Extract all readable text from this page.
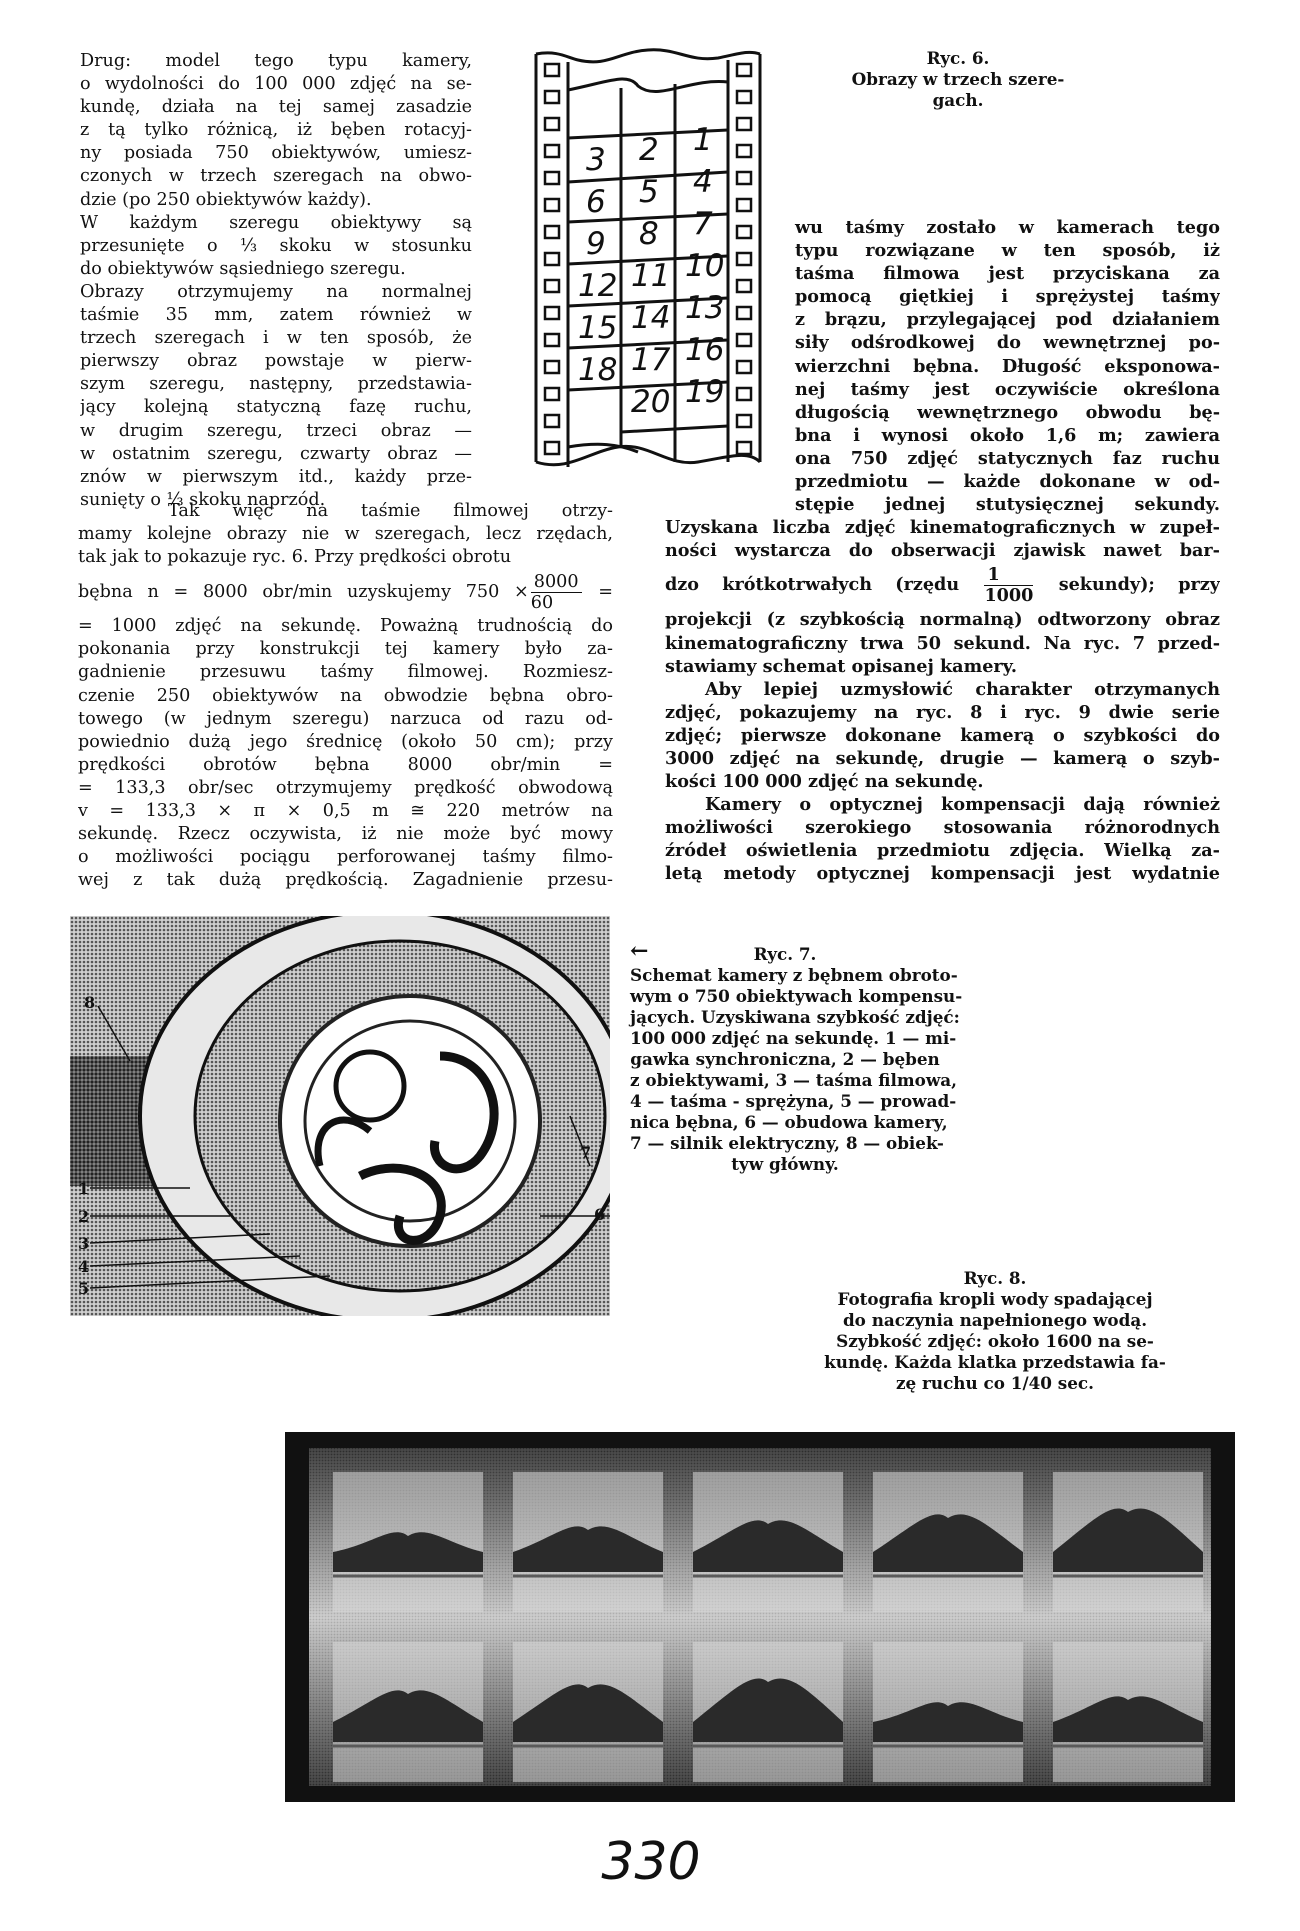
Drug: model tego typu kamery,
o wydolności do 100 000 zdjęć na se-
kundę, działa na tej samej zasadzie
z tą tylko różnicą, iż bęben rotacyj-
ny posiada 750 obiektywów, umiesz-
czonych w trzech szeregach na obwo-
dzie (po 250 obiektywów każdy).
W każdym szeregu obiektywy są
przesunięte o ⅓ skoku w stosunku
do obiektywów sąsiedniego szeregu.
Obrazy otrzymujemy na normalnej
taśmie 35 mm, zatem również w
trzech szeregach i w ten sposób, że
pierwszy obraz powstaje w pierw-
szym szeregu, następny, przedstawia-
jący kolejną statyczną fazę ruchu,
w drugim szeregu, trzeci obraz —
w ostatnim szeregu, czwarty obraz —
znów w pierwszym itd., każdy prze-
sunięty o ⅓ skoku naprzód.
3 2 1
6 5 4
9 8 7
12 11 10
15 14 13
18 17 16
20 19
Ryc. 6.
Obrazy w trzech szere-
gach.
wu taśmy zostało w kamerach tego
typu rozwiązane w ten sposób, iż
taśma filmowa jest przyciskana za
pomocą giętkiej i sprężystej taśmy
z brązu, przylegającej pod działaniem
siły odśrodkowej do wewnętrznej po-
wierzchni bębna. Długość eksponowa-
nej taśmy jest oczywiście określona
długością wewnętrznego obwodu bę-
bna i wynosi około 1,6 m; zawiera
ona 750 zdjęć statycznych faz ruchu
przedmiotu — każde dokonane w od-
stępie jednej stutysięcznej sekundy.
Uzyskana liczba zdjęć kinematograficznych w zupeł-
ności wystarcza do obserwacji zjawisk nawet bar-
dzo krótkotrwałych (rzędu $\frac{1}{1000}$ sekundy); przy
projekcji (z szybkością normalną) odtworzony obraz
kinematograficzny trwa 50 sekund. Na ryc. 7 przed-
stawiamy schemat opisanej kamery.
Aby lepiej uzmysłowić charakter otrzymanych
zdjęć, pokazujemy na ryc. 8 i ryc. 9 dwie serie
zdjęć; pierwsze dokonane kamerą o szybkości do
3000 zdjęć na sekundę, drugie — kamerą o szyb-
kości 100 000 zdjęć na sekundę.
Kamery o optycznej kompensacji dają również
możliwości szerokiego stosowania różnorodnych
źródeł oświetlenia przedmiotu zdjęcia. Wielką za-
letą metody optycznej kompensacji jest wydatnie
Tak więc na taśmie filmowej otrzy-
mamy kolejne obrazy nie w szeregach, lecz rzędach,
tak jak to pokazuje ryc. 6. Przy prędkości obrotu
bębna n = 8000 obr/min uzyskujemy $750 \times \frac{8000}{60}$ =
= 1000 zdjęć na sekundę. Poważną trudnością do
pokonania przy konstrukcji tej kamery było za-
gadnienie przesuwu taśmy filmowej. Rozmiesz-
czenie 250 obiektywów na obwodzie bębna obro-
towego (w jednym szeregu) narzuca od razu od-
powiednio dużą jego średnicę (około 50 cm); przy
prędkości obrotów bębna 8000 obr/min =
= 133,3 obr/sec otrzymujemy prędkość obwodową
v = 133,3 × π × 0,5 m ≅ 220 metrów na
sekundę. Rzecz oczywista, iż nie może być mowy
o możliwości pociągu perforowanej taśmy filmo-
wej z tak dużą prędkością. Zagadnienie przesu-
1
2
3
4
5
6
7
8
←	Ryc. 7.
Schemat kamery z bębnem obroto-
wym o 750 obiektywach kompensu-
jących. Uzyskiwana szybkość zdjęć:
100 000 zdjęć na sekundę. 1 — mi-
gawka synchroniczna, 2 — bęben
z obiektywami, 3 — taśma filmowa,
4 — taśma - sprężyna, 5 — prowad-
nica bębna, 6 — obudowa kamery,
7 — silnik elektryczny, 8 — obiek-
tyw główny.
Ryc. 8.
Fotografia kropli wody spadającej
do naczynia napełnionego wodą.
Szybkość zdjęć: około 1600 na se-
kundę. Każda klatka przedstawia fa-
zę ruchu co 1/40 sec.
330
